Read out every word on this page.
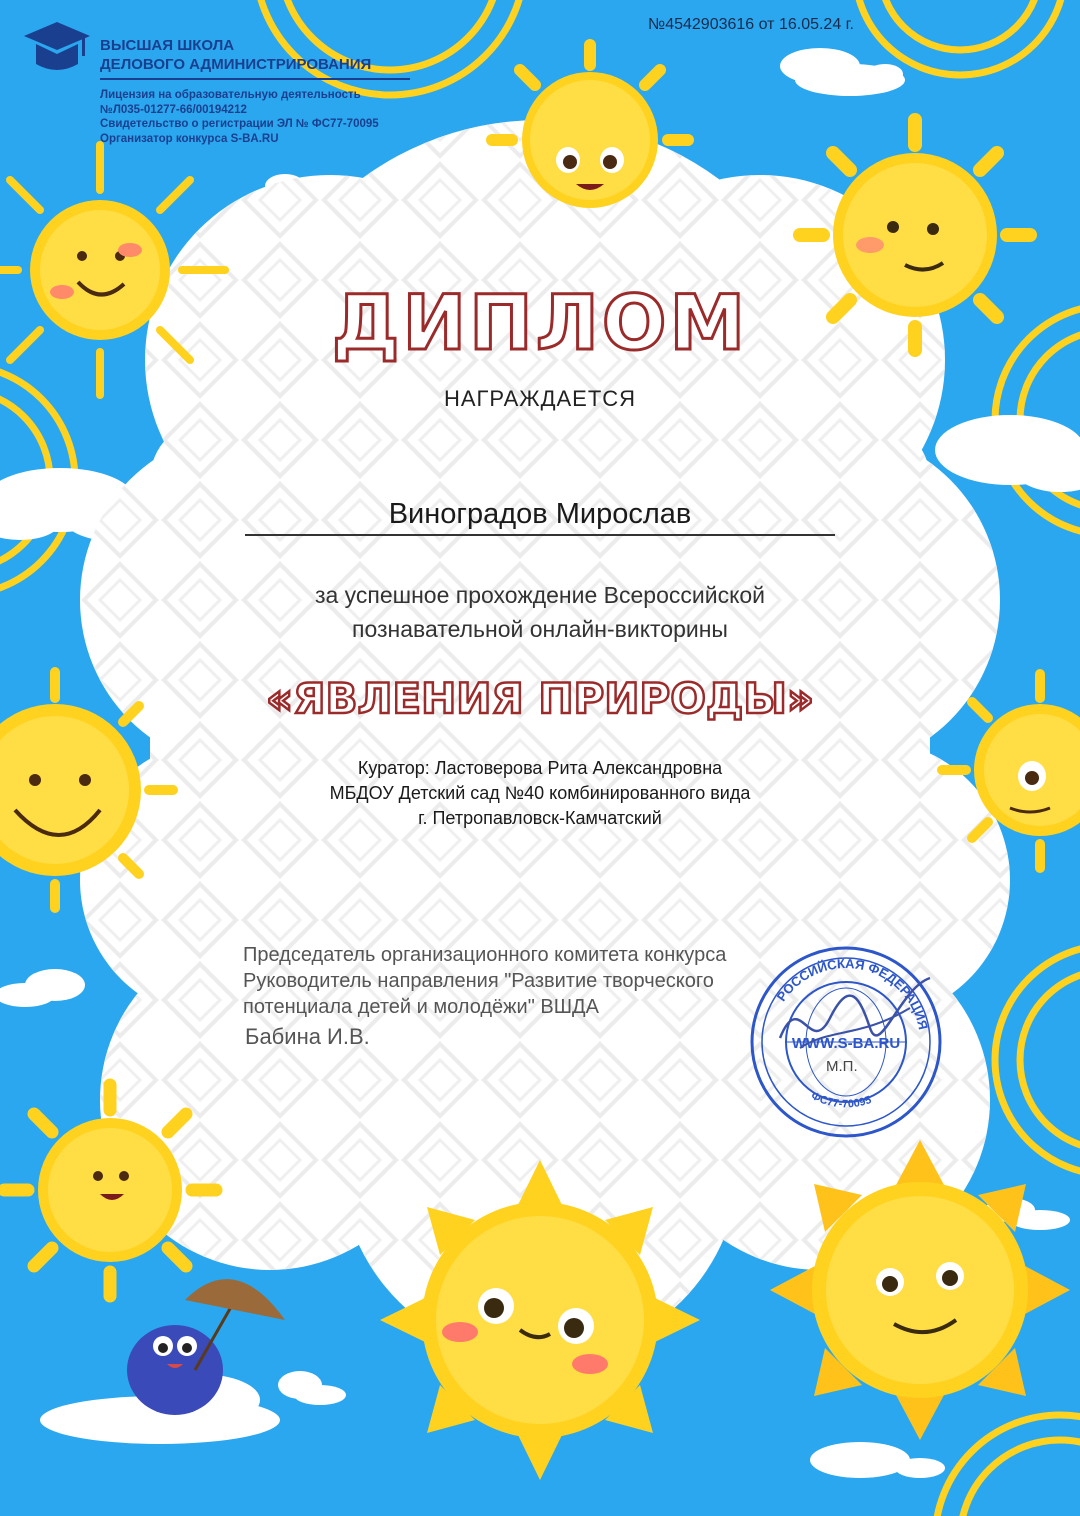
ВЫСШАЯ ШКОЛА
ДЕЛОВОГО АДМИНИСТРИРОВАНИЯ
Лицензия на образовательную деятельность
№Л035-01277-66/00194212
Свидетельство о регистрации ЭЛ № ФС77-70095
Организатор конкурса S-BA.RU
№4542903616 от 16.05.24 г.
ДИПЛОМ
НАГРАЖДАЕТСЯ
Виноградов Мирослав
за успешное прохождение Всероссийской
познавательной онлайн-викторины
«ЯВЛЕНИЯ ПРИРОДЫ»
Куратор: Ластоверова Рита Александровна
МБДОУ Детский сад №40 комбинированного вида
г. Петропавловск-Камчатский
Председатель организационного комитета конкурса
Руководитель направления "Развитие творческого
потенциала детей и молодёжи" ВШДА
Бабина И.В.
РОССИЙСКАЯ ФЕДЕРАЦИЯ
WWW.S-BA.RU
ФС77-70095
М.П.
